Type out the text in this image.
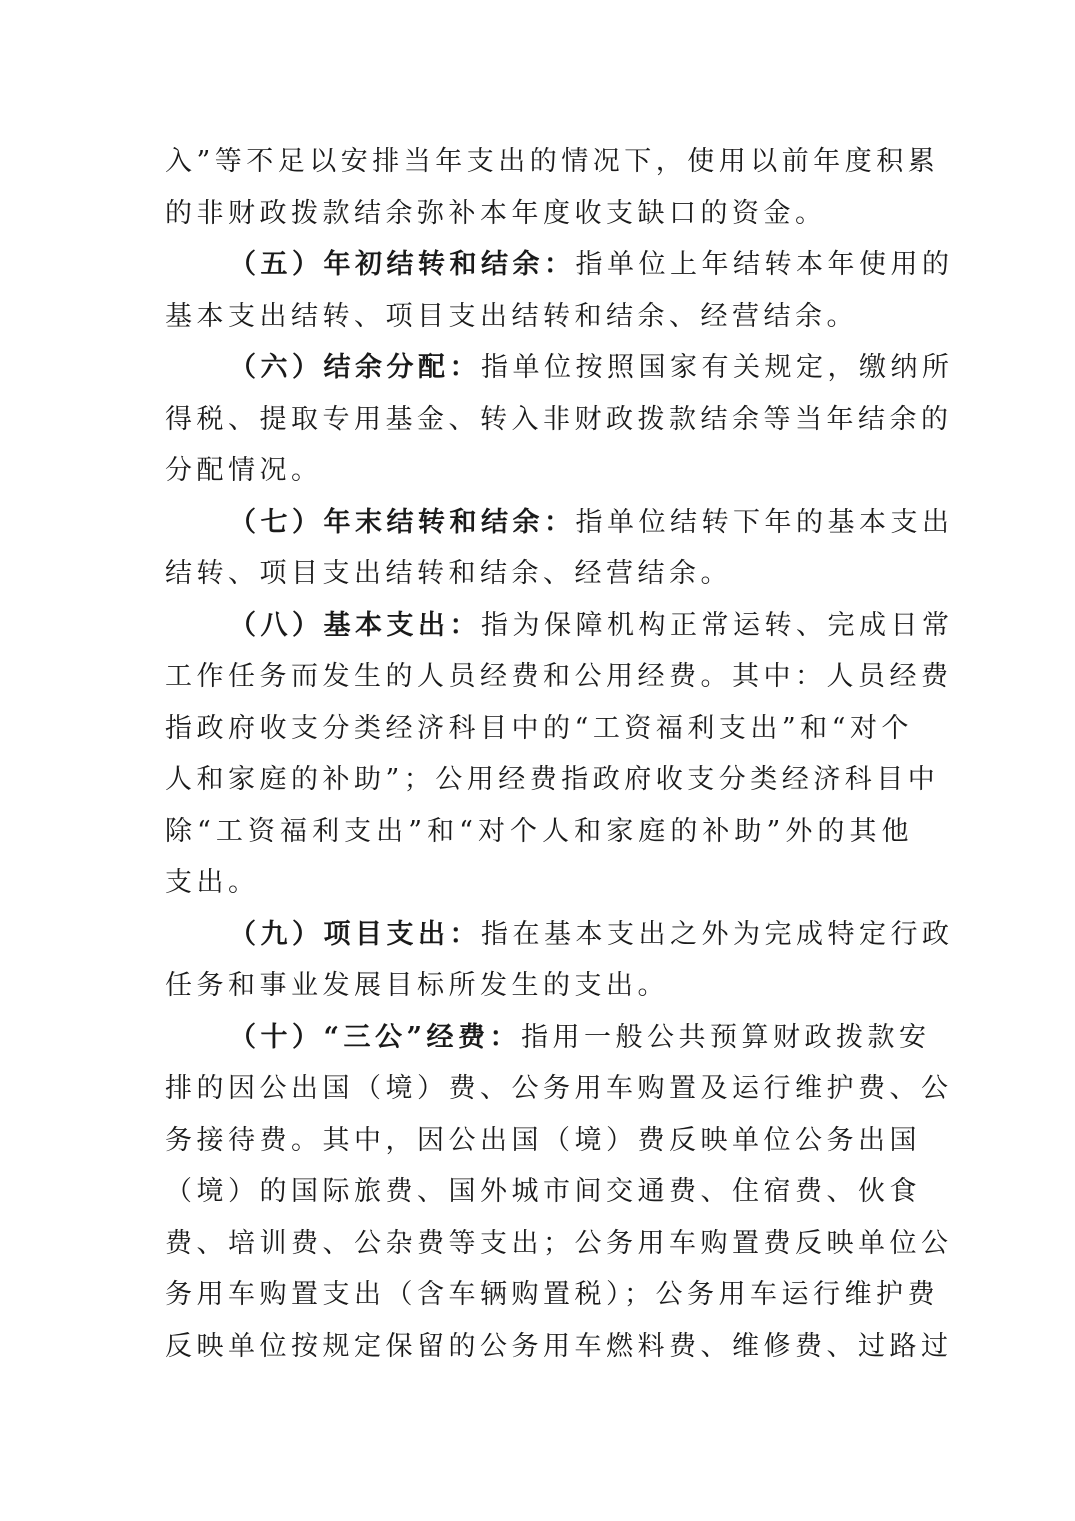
入”等不足以安排当年支出的情况下，使用以前年度积累
的非财政拨款结余弥补本年度收支缺口的资金。
（五）年初结转和结余：指单位上年结转本年使用的
基本支出结转、项目支出结转和结余、经营结余。
（六）结余分配：指单位按照国家有关规定，缴纳所
得税、提取专用基金、转入非财政拨款结余等当年结余的
分配情况。
（七）年末结转和结余：指单位结转下年的基本支出
结转、项目支出结转和结余、经营结余。
（八）基本支出：指为保障机构正常运转、完成日常
工作任务而发生的人员经费和公用经费。其中：人员经费
指政府收支分类经济科目中的“工资福利支出”和“对个
人和家庭的补助”；公用经费指政府收支分类经济科目中
除“工资福利支出”和“对个人和家庭的补助”外的其他
支出。
（九）项目支出：指在基本支出之外为完成特定行政
任务和事业发展目标所发生的支出。
（十）“三公”经费：指用一般公共预算财政拨款安
排的因公出国（境）费、公务用车购置及运行维护费、公
务接待费。其中，因公出国（境）费反映单位公务出国
（境）的国际旅费、国外城市间交通费、住宿费、伙食
费、培训费、公杂费等支出；公务用车购置费反映单位公
务用车购置支出（含车辆购置税）；公务用车运行维护费
反映单位按规定保留的公务用车燃料费、维修费、过路过
